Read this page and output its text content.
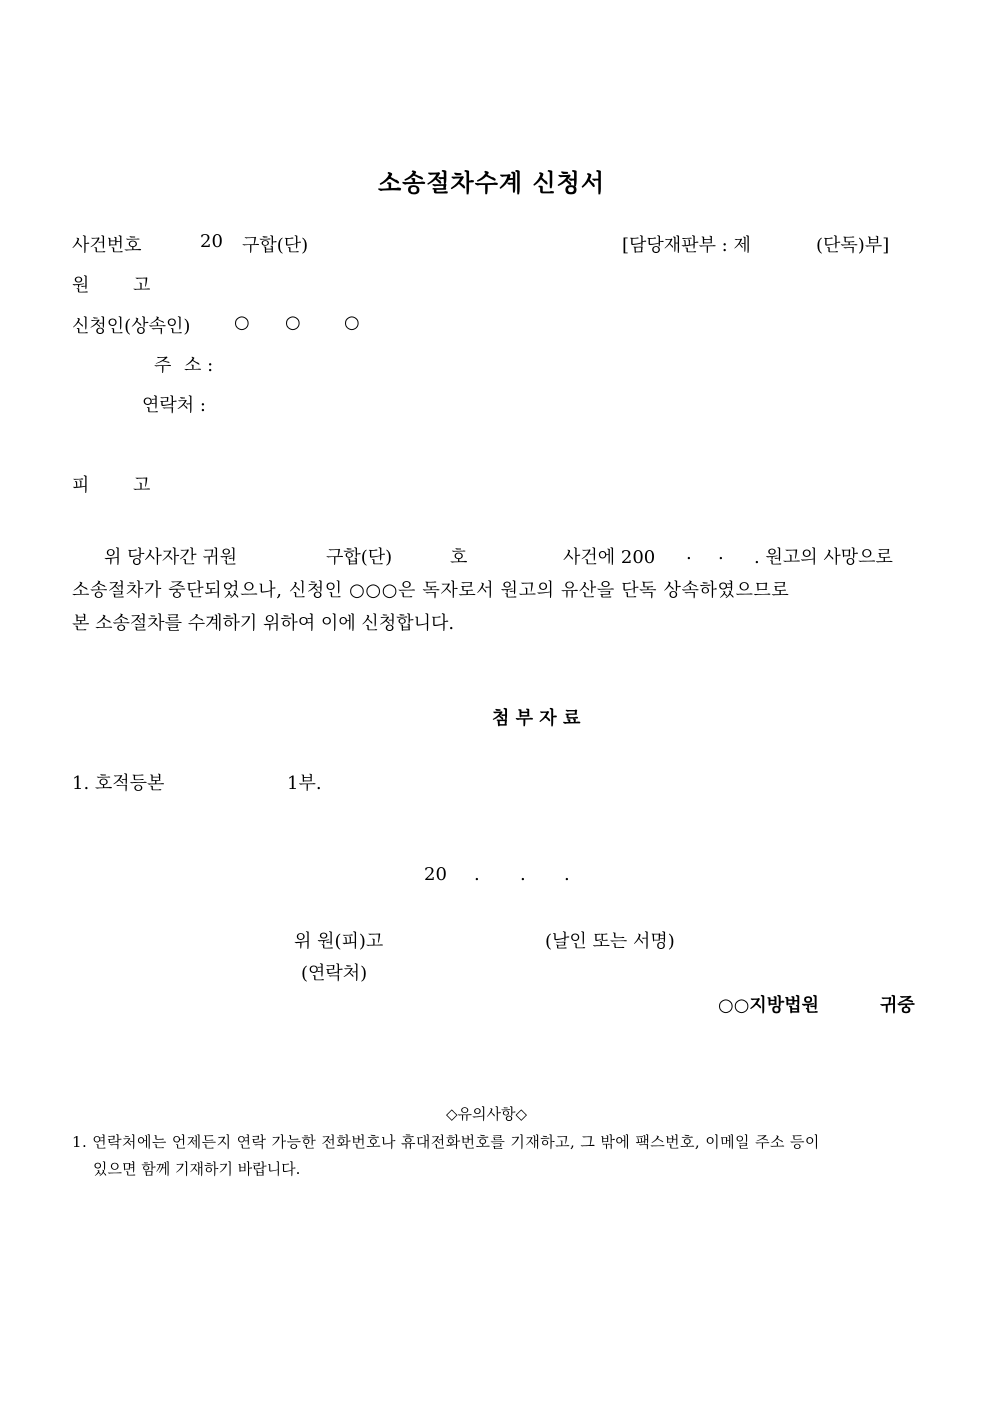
소송절차수계 신청서
사건번호	20 구합(단)	[담당재판부 : 제	(단독)부]
원 고
신청인(상속인) ○ ○ ○
주 소 :
연락처 :
피 고
위 당사자간 귀원	구합(단)	호	사건에 200 . . . 원고의 사망으로
소송절차가 중단되었으나, 신청인 ○○○은 독자로서 원고의 유산을 단독 상속하였으므로
본 소송절차를 수계하기 위하여 이에 신청합니다.
첨 부 자 료
1. 호적등본	1부.
20 . . .
위 원(피)고	(날인 또는 서명)
(연락처)
○○지방법원	귀중
◇유의사항◇
1. 연락처에는 언제든지 연락 가능한 전화번호나 휴대전화번호를 기재하고, 그 밖에 팩스번호, 이메일 주소 등이
있으면 함께 기재하기 바랍니다.
